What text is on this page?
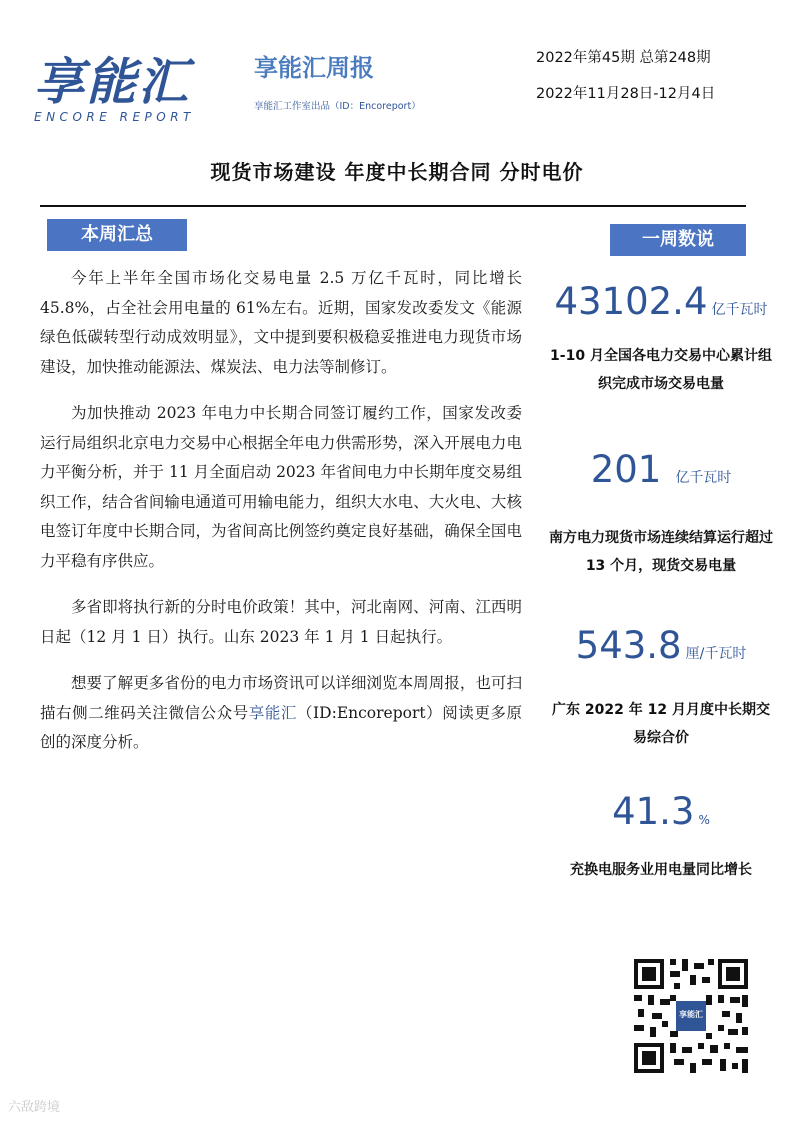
享能汇
ENCORE REPORT
享能汇周报
享能汇工作室出品（ID：Encoreport）
2022年第45期 总第248期
2022年11月28日-12月4日
现货市场建设 年度中长期合同 分时电价
本周汇总

今年上半年全国市场化交易电量 2.5 万亿千瓦时，同比增长 45.8%，占全社会用电量的 61%左右。近期，国家发改委发文《能源绿色低碳转型行动成效明显》，文中提到要积极稳妥推进电力现货市场建设，加快推动能源法、煤炭法、电力法等制修订。

为加快推动 2023 年电力中长期合同签订履约工作，国家发改委运行局组织北京电力交易中心根据全年电力供需形势，深入开展电力电力平衡分析，并于 11 月全面启动 2023 年省间电力中长期年度交易组织工作，结合省间输电通道可用输电能力，组织大水电、大火电、大核电签订年度中长期合同，为省间高比例签约奠定良好基础，确保全国电力平稳有序供应。

多省即将执行新的分时电价政策！其中，河北南网、河南、江西明日起（12 月 1 日）执行。山东 2023 年 1 月 1 日起执行。

想要了解更多省份的电力市场资讯可以详细浏览本周周报，也可扫描右侧二维码关注微信公众号享能汇（ID:Encoreport）阅读更多原创的深度分析。

一周数说
43102.4 亿千瓦时
1-10 月全国各电力交易中心累计组织完成市场交易电量
201 亿千瓦时
南方电力现货市场连续结算运行超过 13 个月，现货交易电量
543.8 厘/千瓦时
广东 2022 年 12 月月度中长期交易综合价
41.3 %
充换电服务业用电量同比增长
享能汇
六敌跨境
